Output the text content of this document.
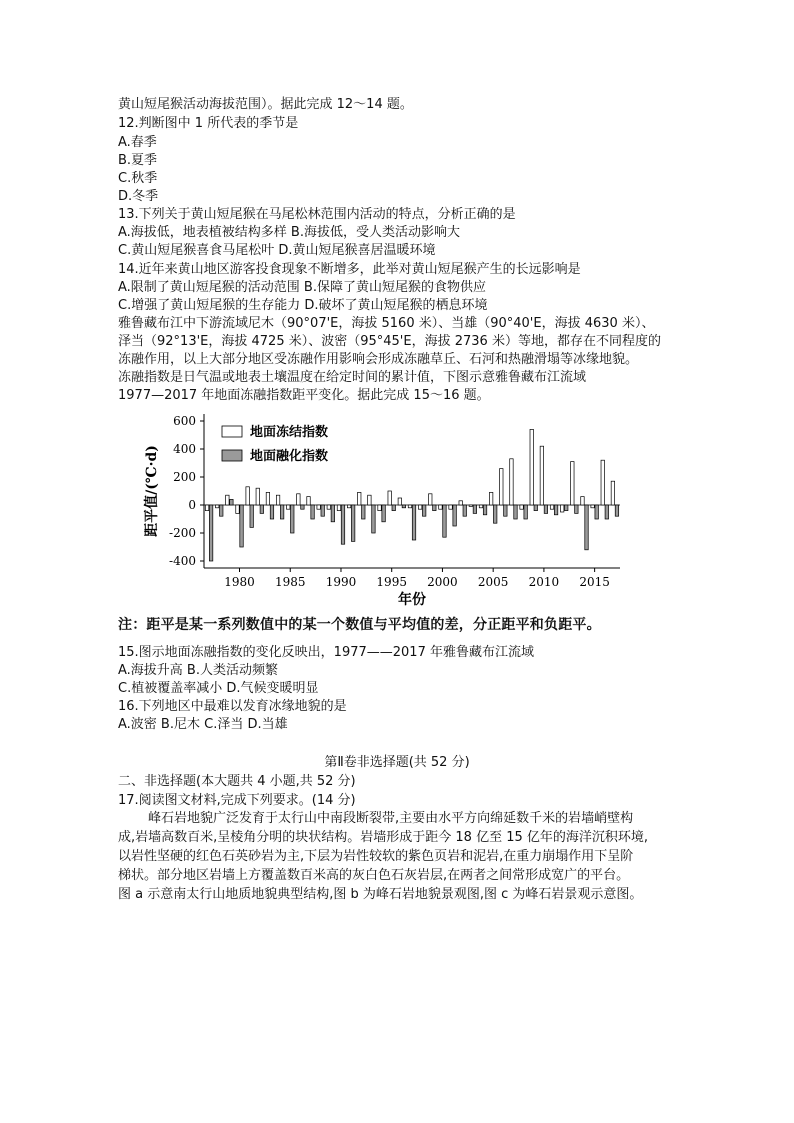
黄山短尾猴活动海拔范围）。据此完成 12～14 题。
12.判断图中 1 所代表的季节是
A.春季
B.夏季
C.秋季
D.冬季
13.下列关于黄山短尾猴在马尾松林范围内活动的特点，分析正确的是
A.海拔低，地表植被结构多样 B.海拔低，受人类活动影响大
C.黄山短尾猴喜食马尾松叶 D.黄山短尾猴喜居温暖环境
14.近年来黄山地区游客投食现象不断增多，此举对黄山短尾猴产生的长远影响是
A.限制了黄山短尾猴的活动范围 B.保障了黄山短尾猴的食物供应
C.增强了黄山短尾猴的生存能力 D.破坏了黄山短尾猴的栖息环境
雅鲁藏布江中下游流域尼木（90°07'E，海拔 5160 米）、当雄（90°40'E，海拔 4630 米）、
泽当（92°13'E，海拔 4725 米）、波密（95°45'E，海拔 2736 米）等地，都存在不同程度的
冻融作用，以上大部分地区受冻融作用影响会形成冻融草丘、石河和热融滑塌等冰缘地貌。
冻融指数是日气温或地表土壤温度在给定时间的累计值，下图示意雅鲁藏布江流域
1977—2017 年地面冻融指数距平变化。据此完成 15～16 题。
600
400
200
0
-200
-400
1980 1985 1990 1995 2000 2005 2010 2015
地面冻结指数
地面融化指数
年份
距平值/(℃·d)
注：距平是某一系列数值中的某一个数值与平均值的差，分正距平和负距平。
15.图示地面冻融指数的变化反映出，1977——2017 年雅鲁藏布江流域
A.海拔升高 B.人类活动频繁
C.植被覆盖率减小 D.气候变暖明显
16.下列地区中最难以发育冰缘地貌的是
A.波密 B.尼木 C.泽当 D.当雄
第Ⅱ卷非选择题(共 52 分)
二、非选择题(本大题共 4 小题,共 52 分)
17.阅读图文材料,完成下列要求。(14 分)
峰石岩地貌广泛发育于太行山中南段断裂带,主要由水平方向绵延数千米的岩墙峭壁构
成,岩墙高数百米,呈棱角分明的块状结构。岩墙形成于距今 18 亿至 15 亿年的海洋沉积环境,
以岩性坚硬的红色石英砂岩为主,下层为岩性较软的紫色页岩和泥岩,在重力崩塌作用下呈阶
梯状。部分地区岩墙上方覆盖数百米高的灰白色石灰岩层,在两者之间常形成宽广的平台。
图 a 示意南太行山地质地貌典型结构,图 b 为峰石岩地貌景观图,图 c 为峰石岩景观示意图。
